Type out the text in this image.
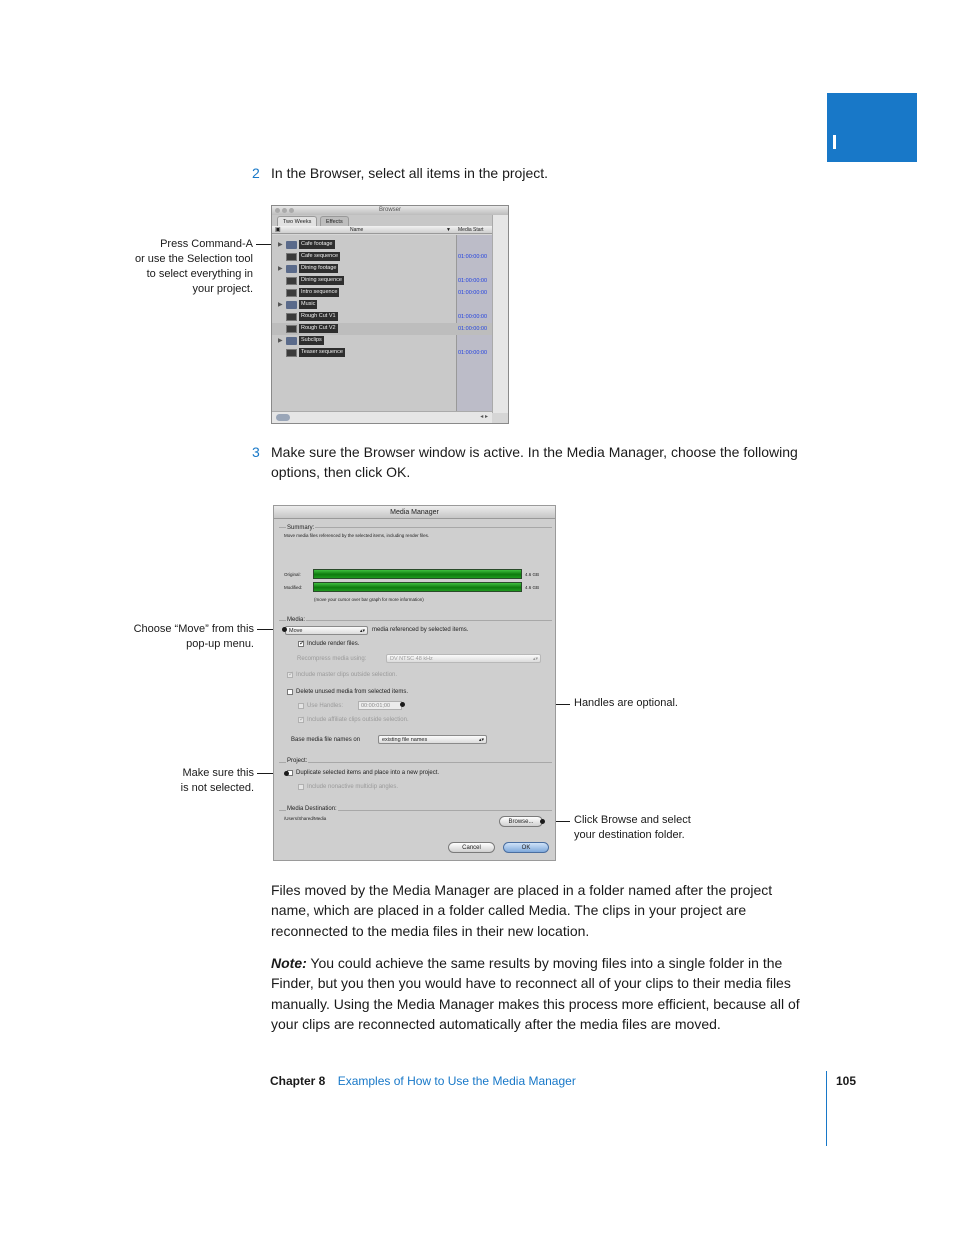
2 In the Browser, select all items in the project.
Press Command-A
or use the Selection tool
to select everything in
your project.
Browser
Two Weeks	Effects
▣	Name	▼ Media Start
▶	Cafe footage
Cafe sequence	01:00:00:00
▶	Dining footage
Dining sequence	01:00:00:00
Intro sequence	01:00:00:00
▶	Music
Rough Cut V1	01:00:00:00
Rough Cut V2	01:00:00:00
▶	Subclips
Teaser sequence	01:00:00:00
◂ ▸
3 Make sure the Browser window is active. In the Media Manager, choose the following options, then click OK.
Choose “Move” from this
pop-up menu.
Make sure this
is not selected.
Handles are optional.
Click Browse and select
your destination folder.
Media Manager
Summary:
Move media files referenced by the selected items, including render files.
Original:	4.6 GB
Modified:	4.6 GB
(move your cursor over bar graph for more information)
Media:
Move	▴▾ media referenced by selected items.
✓
Include render files.
Recompress media using:	DV NTSC 48 kHz	▴▾
✓
Include master clips outside selection.
Delete unused media from selected items.
Use Handles:	00:00:01;00
✓
Include affiliate clips outside selection.
Base media file names on	existing file names	▴▾
Project:
Duplicate selected items and place into a new project.
Include nonactive multiclip angles.
Media Destination:
/Users/Shared/Media
Browse...
Cancel	OK
Files moved by the Media Manager are placed in a folder named after the project
name, which are placed in a folder called Media. The clips in your project are
reconnected to the media files in their new location.
Note: You could achieve the same results by moving files into a single folder in the
Finder, but you then you would have to reconnect all of your clips to their media files
manually. Using the Media Manager makes this process more efficient, because all of
your clips are reconnected automatically after the media files are moved.
Chapter 8 Examples of How to Use the Media Manager	105
